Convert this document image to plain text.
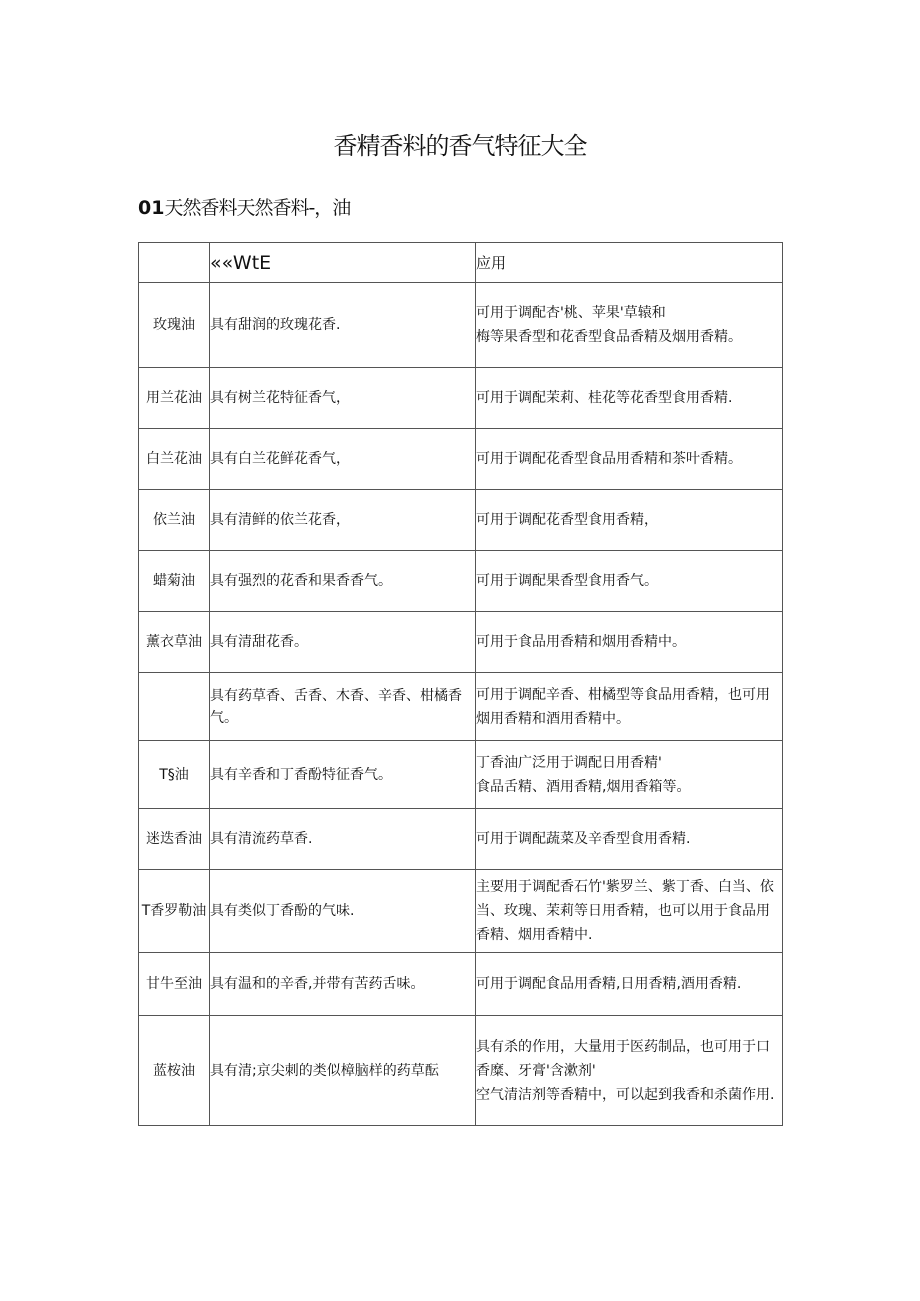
香精香料的香气特征大全
01天然香料天然香料-，油
	««WtE	应用
玫瑰油	具有甜润的玫瑰花香.	可用于调配杏'桃、苹果'草辕和
梅等果香型和花香型食品香精及烟用香精。

用兰花油	具有树兰花特征香气，	可用于调配茉莉、桂花等花香型食用香精.

白兰花油	具有白兰花鲜花香气，	可用于调配花香型食品用香精和茶叶香精。

依兰油	具有清鲜的依兰花香，	可用于调配花香型食用香精，

蜡菊油	具有强烈的花香和果香香气。	可用于调配果香型食用香气。

薰衣草油	具有清甜花香。	可用于食品用香精和烟用香精中。

	具有药草香、舌香、木香、辛香、柑橘香气。	可用于调配辛香、柑橘型等食品用香精，也可用烟用香精和酒用香精中。

T§油	具有辛香和丁香酚特征香气。	丁香油广泛用于调配日用香精'
食品舌精、酒用香精,烟用香箱等。

迷迭香油	具有清流药草香.	可用于调配蔬菜及辛香型食用香精.

T香罗勒油	具有类似丁香酚的气味.	主要用于调配香石竹'紫罗兰、紫丁香、白当、依当、玫瑰、茉莉等日用香精，也可以用于食品用香精、烟用香精中.

甘牛至油	具有温和的辛香,并带有苦药舌味。	可用于调配食品用香精,日用香精,酒用香精.

蓝桉油	具有清;京尖刺的类似樟脑样的药草酝	具有杀的作用，大量用于医药制品，也可用于口香糜、牙膏'含漱剂'
空气清洁剂等香精中，可以起到我香和杀菌作用.
